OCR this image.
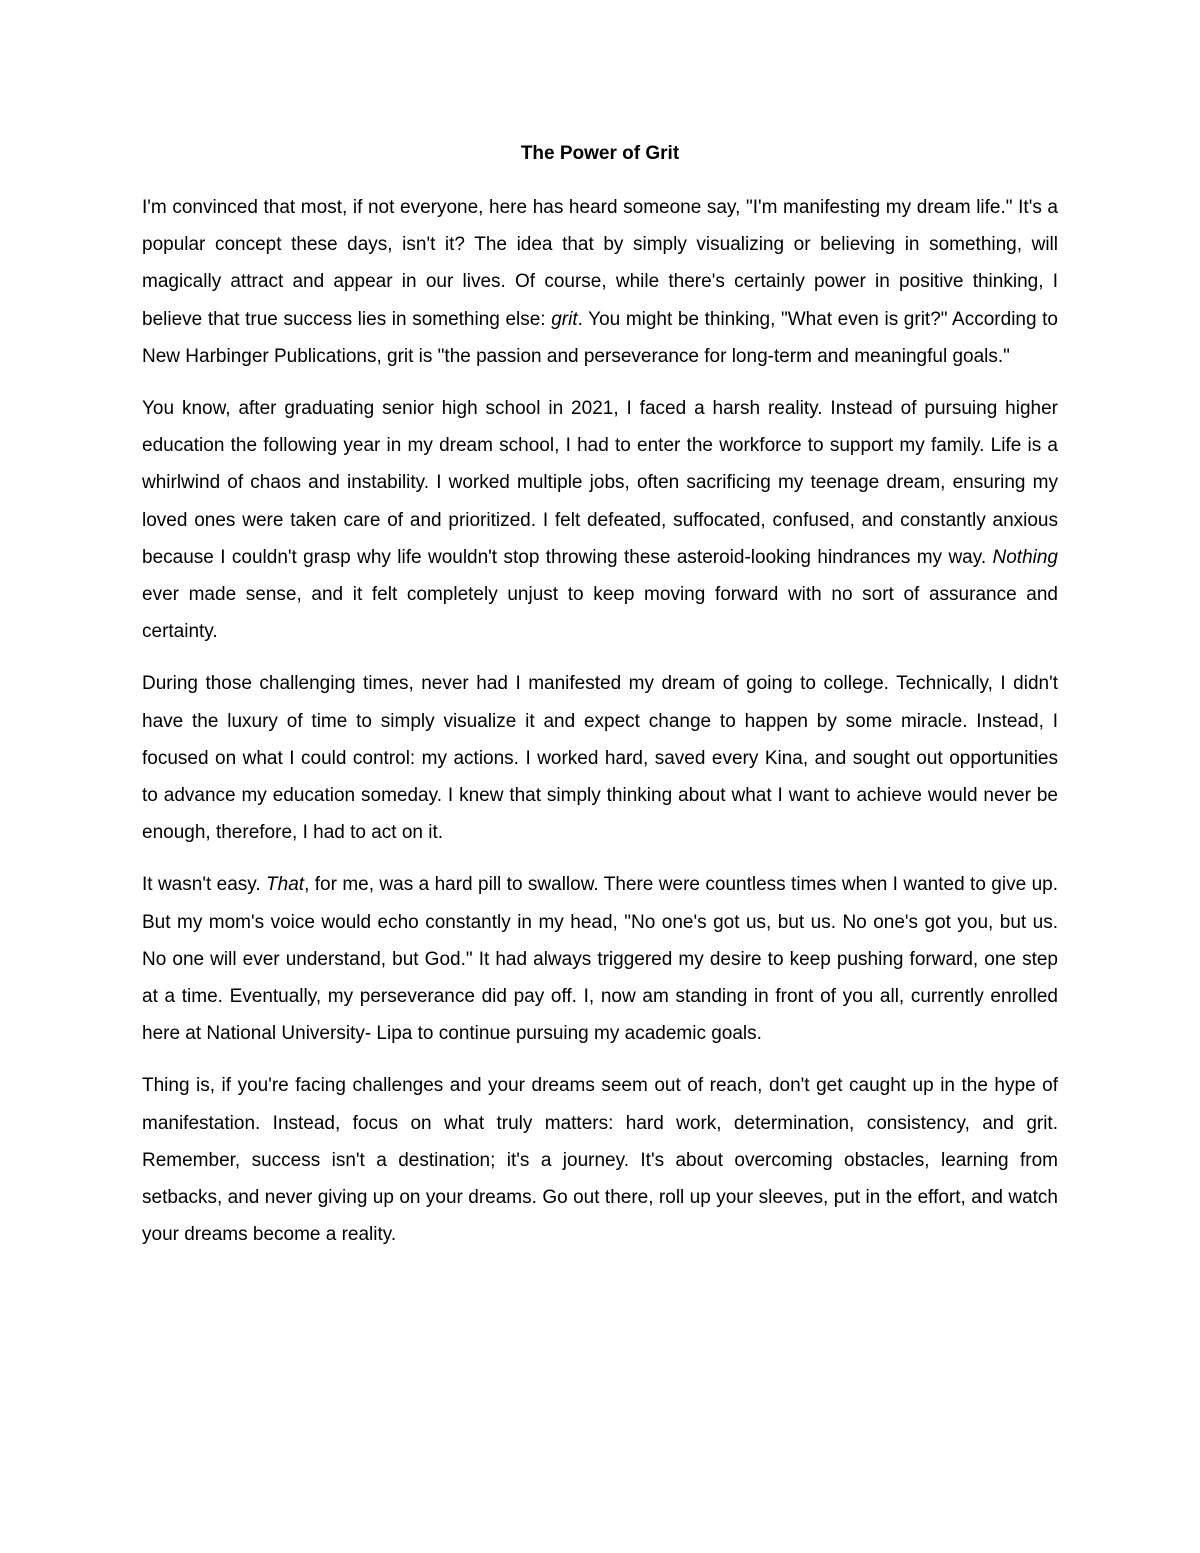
The Power of Grit

I'm convinced that most, if not everyone, here has heard someone say, "I'm manifesting my dream life." It's a popular concept these days, isn't it? The idea that by simply visualizing or believing in something, will magically attract and appear in our lives. Of course, while there's certainly power in positive thinking, I believe that true success lies in something else: grit. You might be thinking, "What even is grit?" According to New Harbinger Publications, grit is "the passion and perseverance for long-term and meaningful goals."

You know, after graduating senior high school in 2021, I faced a harsh reality. Instead of pursuing higher education the following year in my dream school, I had to enter the workforce to support my family. Life is a whirlwind of chaos and instability. I worked multiple jobs, often sacrificing my teenage dream, ensuring my loved ones were taken care of and prioritized. I felt defeated, suffocated, confused, and constantly anxious because I couldn't grasp why life wouldn't stop throwing these asteroid-looking hindrances my way. Nothing ever made sense, and it felt completely unjust to keep moving forward with no sort of assurance and certainty.

During those challenging times, never had I manifested my dream of going to college. Technically, I didn't have the luxury of time to simply visualize it and expect change to happen by some miracle. Instead, I focused on what I could control: my actions. I worked hard, saved every Kina, and sought out opportunities to advance my education someday. I knew that simply thinking about what I want to achieve would never be enough, therefore, I had to act on it.

It wasn't easy. That, for me, was a hard pill to swallow. There were countless times when I wanted to give up. But my mom's voice would echo constantly in my head, "No one's got us, but us. No one's got you, but us. No one will ever understand, but God." It had always triggered my desire to keep pushing forward, one step at a time. Eventually, my perseverance did pay off. I, now am standing in front of you all, currently enrolled here at National University- Lipa to continue pursuing my academic goals.

Thing is, if you're facing challenges and your dreams seem out of reach, don't get caught up in the hype of manifestation. Instead, focus on what truly matters: hard work, determination, consistency, and grit. Remember, success isn't a destination; it's a journey. It's about overcoming obstacles, learning from setbacks, and never giving up on your dreams. Go out there, roll up your sleeves, put in the effort, and watch your dreams become a reality.
